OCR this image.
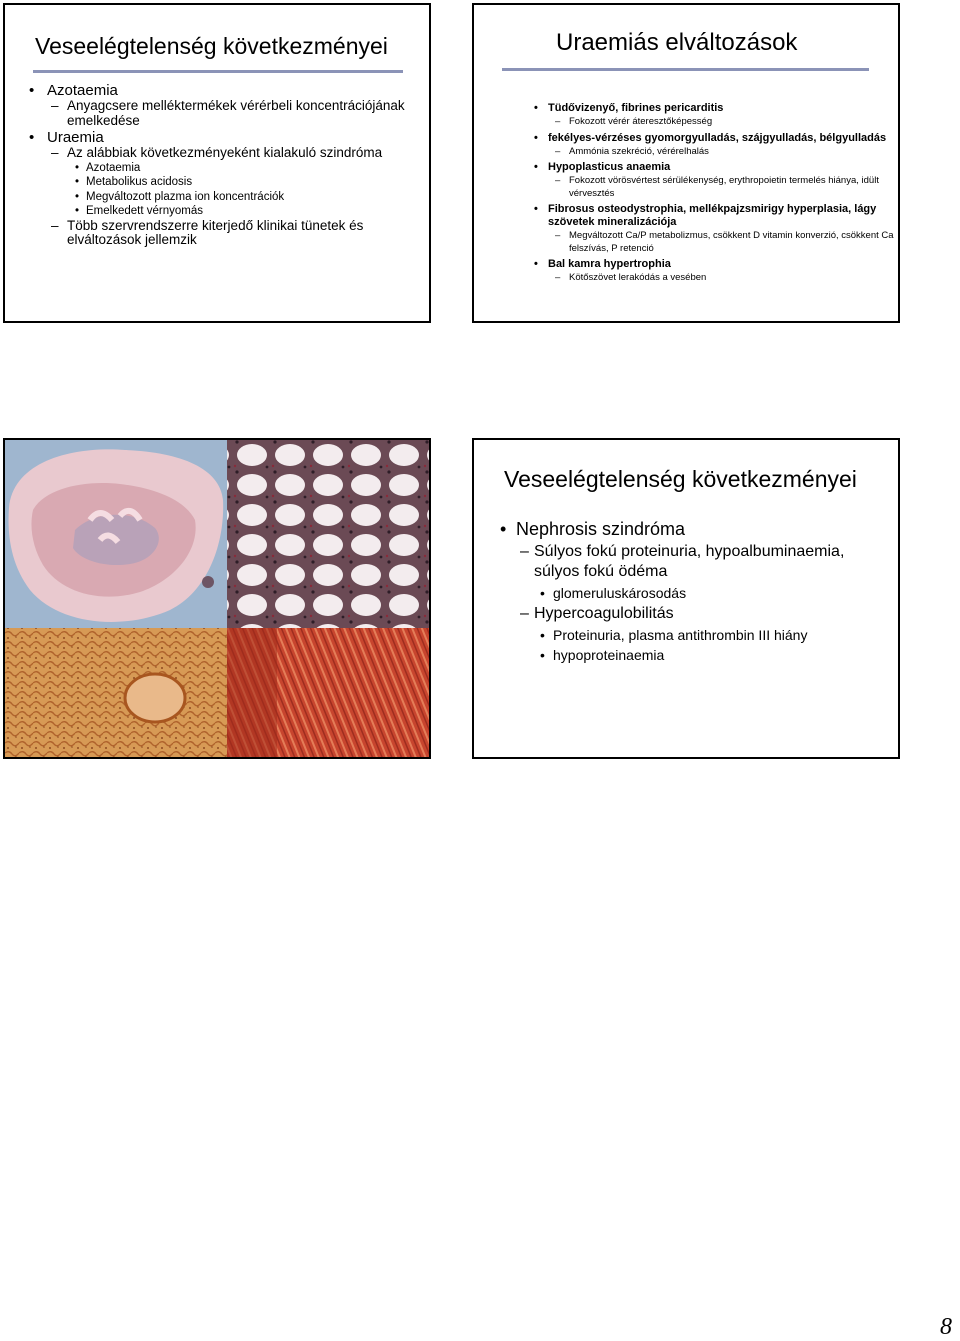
Veseelégtelenség következményei
• Azotaemia
– Anyagcsere melléktermékek vérérbeli koncentrációjának emelkedése
• Uraemia
– Az alábbiak következményeként kialakuló szindróma
• Azotaemia
• Metabolikus acidosis
• Megváltozott plazma ion koncentrációk
• Emelkedett vérnyomás
– Több szervrendszerre kiterjedő klinikai tünetek és elváltozások jellemzik
Uraemiás elváltozások
• Tüdővizenyő, fibrines pericarditis
– Fokozott vérér áteresztőképesség
• fekélyes-vérzéses gyomorgyulladás, szájgyulladás, bélgyulladás
– Ammónia szekréció, vérérelhalás
• Hypoplasticus anaemia
– Fokozott vörösvértest sérülékenység, erythropoietin termelés hiánya, idült vérvesztés
• Fibrosus osteodystrophia, mellékpajzsmirigy hyperplasia, lágy szövetek mineralizációja
– Megváltozott Ca/P metabolizmus, csökkent D vitamin konverzió, csökkent Ca felszívás, P retenció
• Bal kamra hypertrophia
– Kötőszövet lerakódás a vesében
Veseelégtelenség következményei
• Nephrosis szindróma
– Súlyos fokú proteinuria, hypoalbuminaemia, súlyos fokú ödéma
• glomeruluskárosodás
– Hypercoagulobilitás
• Proteinuria, plasma antithrombin III hiány
• hypoproteinaemia
8
